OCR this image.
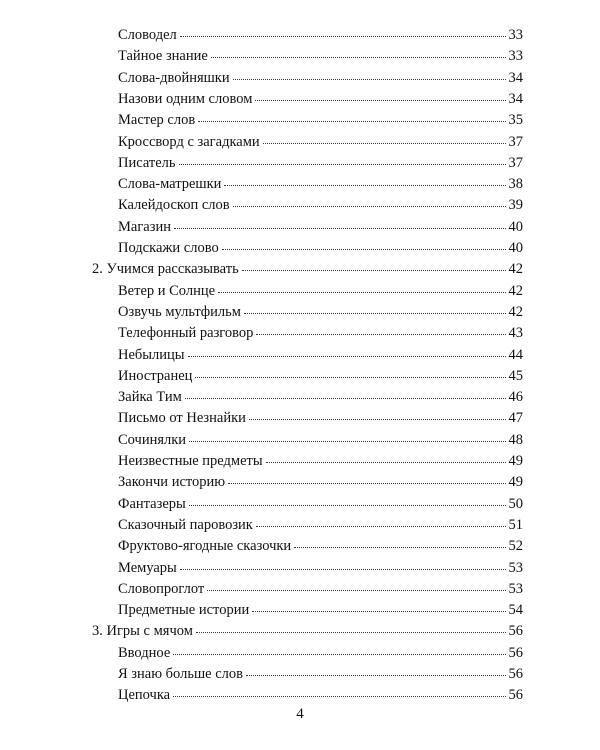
Словодел	33
Тайное знание	33
Слова-двойняшки	34
Назови одним словом	34
Мастер слов	35
Кроссворд с загадками	37
Писатель	37
Слова-матрешки	38
Калейдоскоп слов	39
Магазин	40
Подскажи слово	40
2. Учимся рассказывать	42
Ветер и Солнце	42
Озвучь мультфильм	42
Телефонный разговор	43
Небылицы	44
Иностранец	45
Зайка Тим	46
Письмо от Незнайки	47
Сочинялки	48
Неизвестные предметы	49
Закончи историю	49
Фантазеры	50
Сказочный паровозик	51
Фруктово-ягодные сказочки	52
Мемуары	53
Словопроглот	53
Предметные истории	54
3. Игры с мячом	56
Вводное	56
Я знаю больше слов	56
Цепочка	56
4
